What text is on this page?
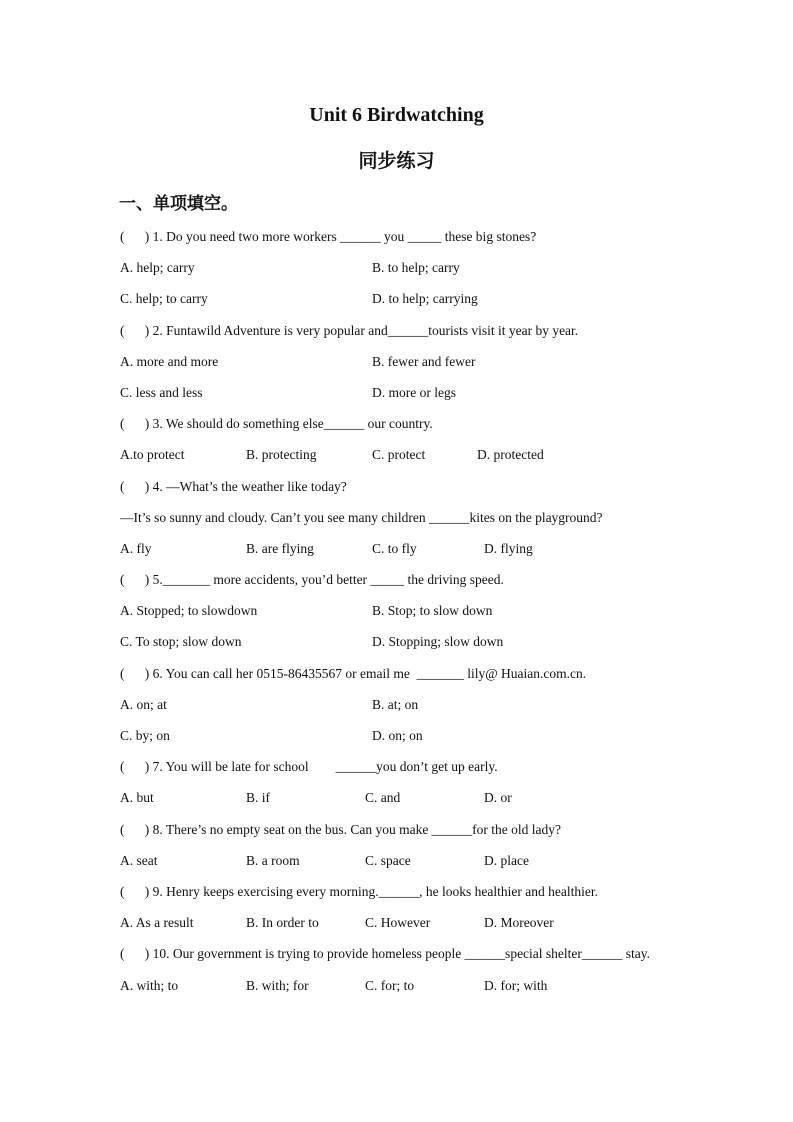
Unit 6 Birdwatching
同步练习
一、单项填空。
(      ) 1. Do you need two more workers ______ you _____ these big stones?
A. help; carry	B. to help; carry
C. help; to carry	D. to help; carrying
(      ) 2. Funtawild Adventure is very popular and______tourists visit it year by year.
A. more and more	B. fewer and fewer
C. less and less	D. more or legs
(      ) 3. We should do something else______ our country.
A.to protect	B. protecting	C. protect	D. protected
(      ) 4. —What’s the weather like today?
—It’s so sunny and cloudy. Can’t you see many children ______kites on the playground?
A. fly	B. are flying	C. to fly	D. flying
(      ) 5._______ more accidents, you’d better _____ the driving speed.
A. Stopped; to slowdown	B. Stop; to slow down
C. To stop; slow down	D. Stopping; slow down
(      ) 6. You can call her 0515-86435567 or email me  _______ lily@ Huaian.com.cn.
A. on; at	B. at; on
C. by; on	D. on; on
(      ) 7. You will be late for school        ______you don’t get up early.
A. but	B. if	C. and	D. or
(      ) 8. There’s no empty seat on the bus. Can you make ______for the old lady?
A. seat	B. a room	C. space	D. place
(      ) 9. Henry keeps exercising every morning.______, he looks healthier and healthier.
A. As a result	B. In order to	C. However	D. Moreover
(      ) 10. Our government is trying to provide homeless people ______special shelter______ stay.
A. with; to	B. with; for	C. for; to	D. for; with
